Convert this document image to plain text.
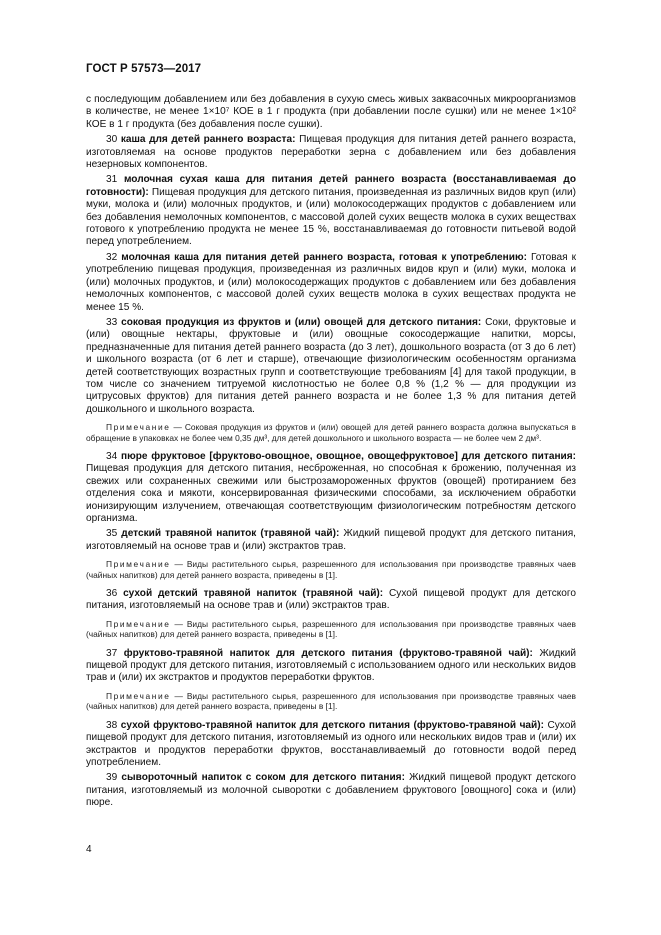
ГОСТ Р 57573—2017

с последующим добавлением или без добавления в сухую смесь живых заквасочных микроорганизмов в количестве, не менее 1×10⁷ КОЕ в 1 г продукта (при добавлении после сушки) или не менее 1×10² КОЕ в 1 г продукта (без добавления после сушки).

30 каша для детей раннего возраста: Пищевая продукция для питания детей раннего возраста, изготовляемая на основе продуктов переработки зерна с добавлением или без добавления незерновых компонентов.

31 молочная сухая каша для питания детей раннего возраста (восстанавливаемая до готовности): Пищевая продукция для детского питания, произведенная из различных видов круп (или) муки, молока и (или) молочных продуктов, и (или) молокосодержащих продуктов с добавлением или без добавления немолочных компонентов, с массовой долей сухих веществ молока в сухих веществах готового к употреблению продукта не менее 15 %, восстанавливаемая до готовности питьевой водой перед употреблением.

32 молочная каша для питания детей раннего возраста, готовая к употреблению: Готовая к употреблению пищевая продукция, произведенная из различных видов круп и (или) муки, молока и (или) молочных продуктов, и (или) молокосодержащих продуктов с добавлением или без добавления немолочных компонентов, с массовой долей сухих веществ молока в сухих веществах продукта не менее 15 %.

33 соковая продукция из фруктов и (или) овощей для детского питания: Соки, фруктовые и (или) овощные нектары, фруктовые и (или) овощные сокосодержащие напитки, морсы, предназначенные для питания детей раннего возраста (до 3 лет), дошкольного возраста (от 3 до 6 лет) и школьного возраста (от 6 лет и старше), отвечающие физиологическим особенностям организма детей соответствующих возрастных групп и соответствующие требованиям [4] для такой продукции, в том числе со значением титруемой кислотностью не более 0,8 % (1,2 % — для продукции из цитрусовых фруктов) для питания детей раннего возраста и не более 1,3 % для питания детей дошкольного и школьного возраста.

Примечание — Соковая продукция из фруктов и (или) овощей для детей раннего возраста должна выпускаться в обращение в упаковках не более чем 0,35 дм³, для детей дошкольного и школьного возраста — не более чем 2 дм³.

34 пюре фруктовое [фруктово-овощное, овощное, овощефруктовое] для детского питания: Пищевая продукция для детского питания, несброженная, но способная к брожению, полученная из свежих или сохраненных свежими или быстрозамороженных фруктов (овощей) протиранием без отделения сока и мякоти, консервированная физическими способами, за исключением обработки ионизирующим излучением, отвечающая соответствующим физиологическим потребностям детского организма.

35 детский травяной напиток (травяной чай): Жидкий пищевой продукт для детского питания, изготовляемый на основе трав и (или) экстрактов трав.

Примечание — Виды растительного сырья, разрешенного для использования при производстве травяных чаев (чайных напитков) для детей раннего возраста, приведены в [1].

36 сухой детский травяной напиток (травяной чай): Сухой пищевой продукт для детского питания, изготовляемый на основе трав и (или) экстрактов трав.

Примечание — Виды растительного сырья, разрешенного для использования при производстве травяных чаев (чайных напитков) для детей раннего возраста, приведены в [1].

37 фруктово-травяной напиток для детского питания (фруктово-травяной чай): Жидкий пищевой продукт для детского питания, изготовляемый с использованием одного или нескольких видов трав и (или) их экстрактов и продуктов переработки фруктов.

Примечание — Виды растительного сырья, разрешенного для использования при производстве травяных чаев (чайных напитков) для детей раннего возраста, приведены в [1].

38 сухой фруктово-травяной напиток для детского питания (фруктово-травяной чай): Сухой пищевой продукт для детского питания, изготовляемый из одного или нескольких видов трав и (или) их экстрактов и продуктов переработки фруктов, восстанавливаемый до готовности водой перед употреблением.

39 сывороточный напиток с соком для детского питания: Жидкий пищевой продукт детского питания, изготовляемый из молочной сыворотки с добавлением фруктового [овощного] сока и (или) пюре.

4
